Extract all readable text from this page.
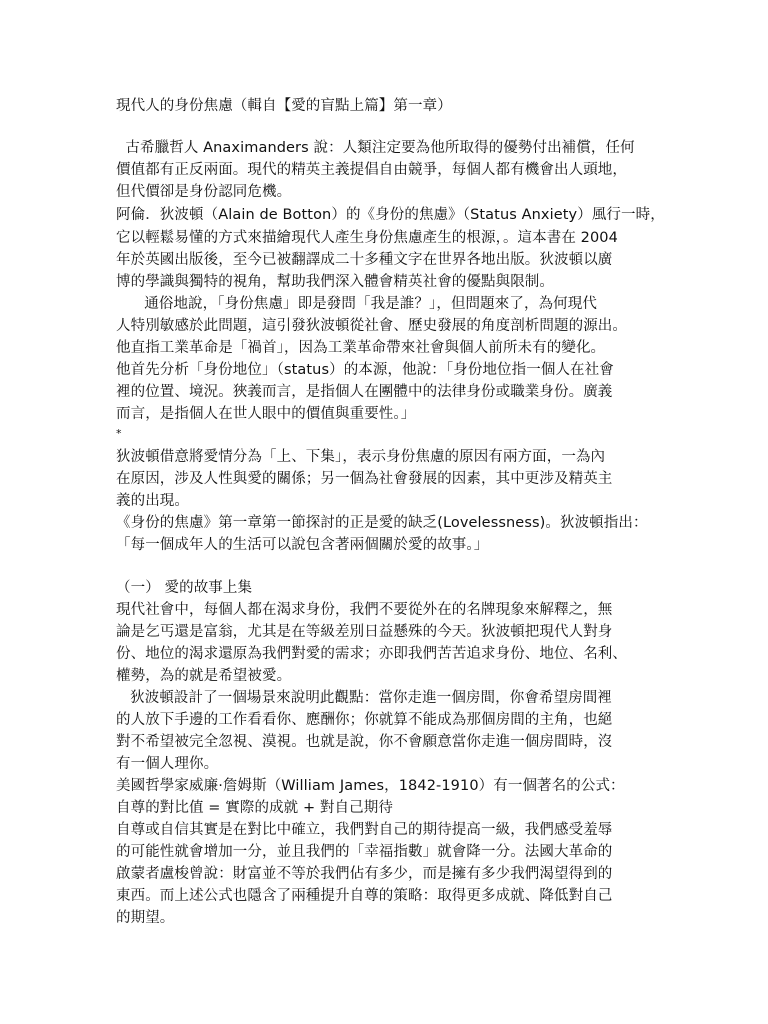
現代人的身份焦慮（輯自【愛的盲點上篇】第一章）
古希臘哲人 Anaximanders 說：人類注定要為他所取得的優勢付出補償，任何
價值都有正反兩面。現代的精英主義提倡自由競爭，每個人都有機會出人頭地，
但代價卻是身份認同危機。
阿倫．狄波頓（Alain de Botton）的《身份的焦慮》（Status Anxiety）風行一時，
它以輕鬆易懂的方式來描繪現代人產生身份焦慮產生的根源，。這本書在 2004
年於英國出版後，至今已被翻譯成二十多種文字在世界各地出版。狄波頓以廣
博的學識與獨特的視角，幫助我們深入體會精英社會的優點與限制。
通俗地說，「身份焦慮」即是發問「我是誰？」，但問題來了，為何現代
人特別敏感於此問題，這引發狄波頓從社會、歷史發展的角度剖析問題的源出。
他直指工業革命是「禍首」，因為工業革命帶來社會與個人前所未有的變化。
他首先分析「身份地位」（status）的本源，他說：「身份地位指一個人在社會
裡的位置、境況。狹義而言，是指個人在團體中的法律身份或職業身份。廣義
而言，是指個人在世人眼中的價值與重要性。」
*
狄波頓借意將愛情分為「上、下集」，表示身份焦慮的原因有兩方面，一為內
在原因，涉及人性與愛的關係；另一個為社會發展的因素，其中更涉及精英主
義的出現。
《身份的焦慮》第一章第一節探討的正是愛的缺乏(Lovelessness)。狄波頓指出：
「每一個成年人的生活可以說包含著兩個關於愛的故事。」
（一） 愛的故事上集
現代社會中，每個人都在渴求身份，我們不要從外在的名牌現象來解釋之，無
論是乞丐還是富翁，尤其是在等級差別日益懸殊的今天。狄波頓把現代人對身
份、地位的渴求還原為我們對愛的需求；亦即我們苦苦追求身份、地位、名利、
權勢，為的就是希望被愛。
狄波頓設計了一個場景來說明此觀點：當你走進一個房間，你會希望房間裡
的人放下手邊的工作看看你、應酬你；你就算不能成為那個房間的主角，也絕
對不希望被完全忽視、漠視。也就是說，你不會願意當你走進一個房間時，沒
有一個人理你。
美國哲學家威廉·詹姆斯（William James，1842-1910）有一個著名的公式：
自尊的對比值 = 實際的成就 + 對自己期待
自尊或自信其實是在對比中確立，我們對自己的期待提高一級，我們感受羞辱
的可能性就會增加一分，並且我們的「幸福指數」就會降一分。法國大革命的
啟蒙者盧梭曾說：財富並不等於我們佔有多少，而是擁有多少我們渴望得到的
東西。而上述公式也隱含了兩種提升自尊的策略：取得更多成就、降低對自己
的期望。
